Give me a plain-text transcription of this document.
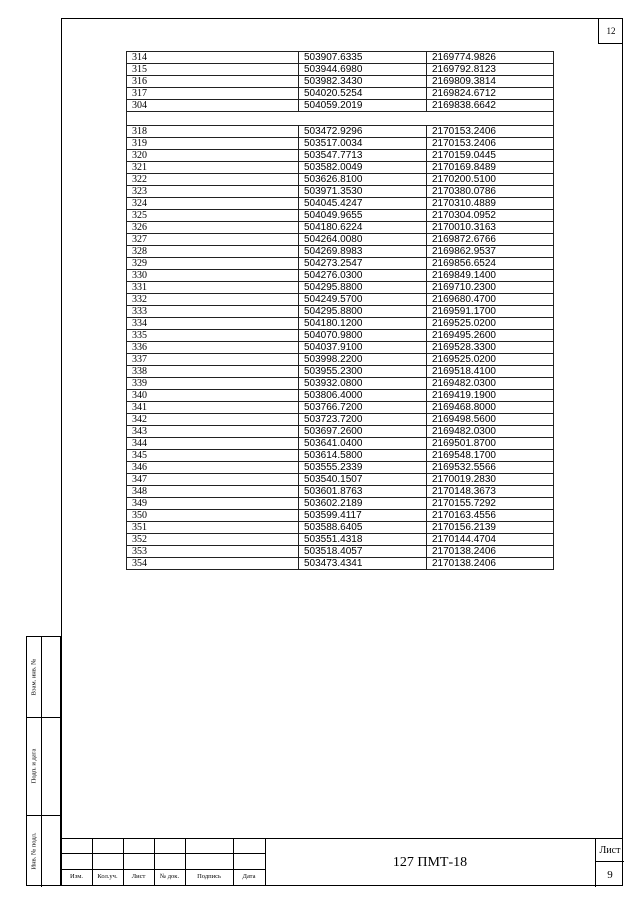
12
Взам. инв. №
Подп. и дата
Инв. № подл.
314	503907.6335	2169774.9826
315	503944.6980	2169792.8123
316	503982.3430	2169809.3814
317	504020.5254	2169824.6712
304	504059.2019	2169838.6642

318	503472.9296	2170153.2406
319	503517.0034	2170153.2406
320	503547.7713	2170159.0445
321	503582.0049	2170169.8489
322	503626.8100	2170200.5100
323	503971.3530	2170380.0786
324	504045.4247	2170310.4889
325	504049.9655	2170304.0952
326	504180.6224	2170010.3163
327	504264.0080	2169872.6766
328	504269.8983	2169862.9537
329	504273.2547	2169856.6524
330	504276.0300	2169849.1400
331	504295.8800	2169710.2300
332	504249.5700	2169680.4700
333	504295.8800	2169591.1700
334	504180.1200	2169525.0200
335	504070.9800	2169495.2600
336	504037.9100	2169528.3300
337	503998.2200	2169525.0200
338	503955.2300	2169518.4100
339	503932.0800	2169482.0300
340	503806.4000	2169419.1900
341	503766.7200	2169468.8000
342	503723.7200	2169498.5600
343	503697.2600	2169482.0300
344	503641.0400	2169501.8700
345	503614.5800	2169548.1700
346	503555.2339	2169532.5566
347	503540.1507	2170019.2830
348	503601.8763	2170148.3673
349	503602.2189	2170155.7292
350	503599.4117	2170163.4556
351	503588.6405	2170156.2139
352	503551.4318	2170144.4704
353	503518.4057	2170138.2406
354	503473.4341	2170138.2406
Изм.	Кол.уч.	Лист	№ док.	Подпись	Дата
127 ПМТ-18
Лист
9
